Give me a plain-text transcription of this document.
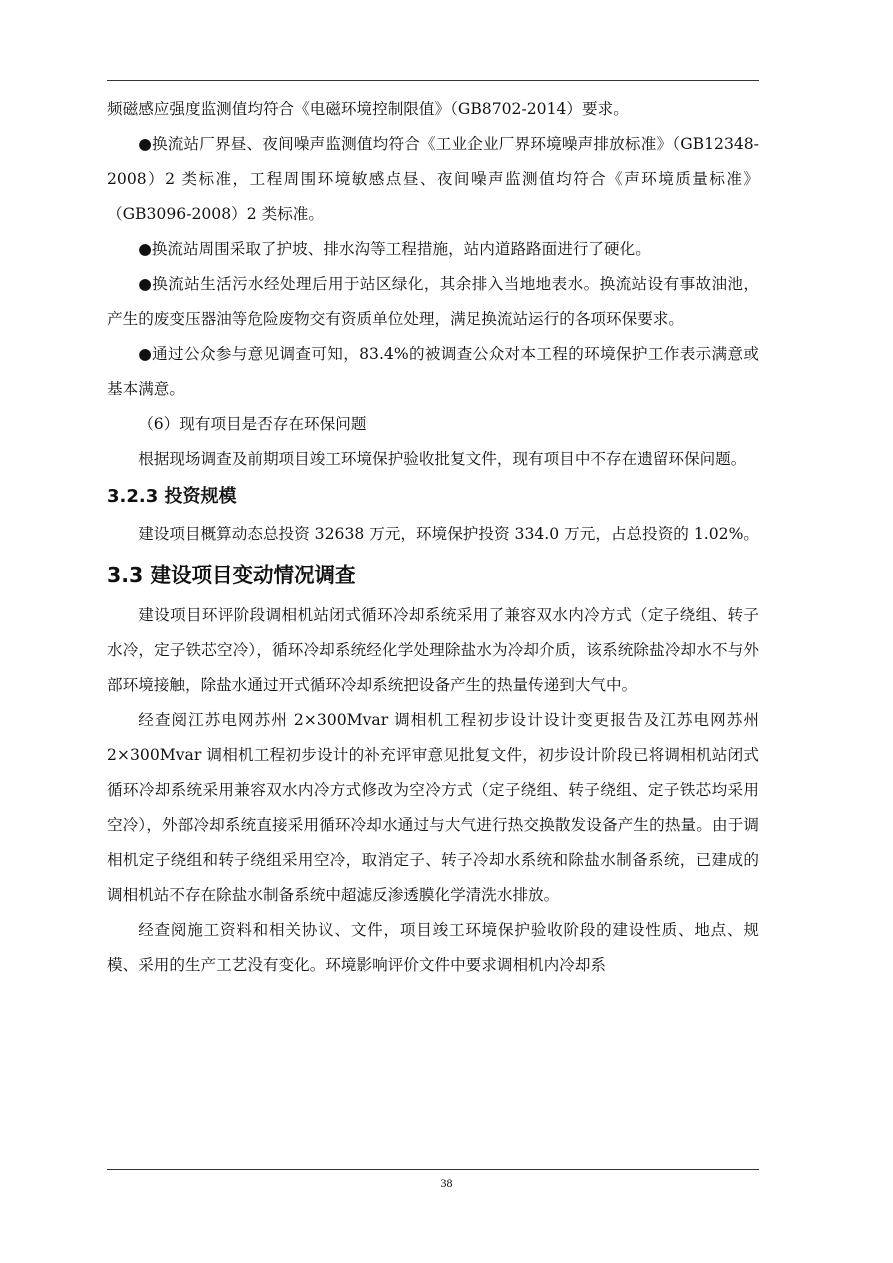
频磁感应强度监测值均符合《电磁环境控制限值》（GB8702-2014）要求。

●换流站厂界昼、夜间噪声监测值均符合《工业企业厂界环境噪声排放标准》（GB12348-2008）2 类标准，工程周围环境敏感点昼、夜间噪声监测值均符合《声环境质量标准》（GB3096-2008）2 类标准。

●换流站周围采取了护坡、排水沟等工程措施，站内道路路面进行了硬化。

●换流站生活污水经处理后用于站区绿化，其余排入当地地表水。换流站设有事故油池，产生的废变压器油等危险废物交有资质单位处理，满足换流站运行的各项环保要求。

●通过公众参与意见调查可知，83.4%的被调查公众对本工程的环境保护工作表示满意或基本满意。

（6）现有项目是否存在环保问题

根据现场调查及前期项目竣工环境保护验收批复文件，现有项目中不存在遗留环保问题。

3.2.3 投资规模

建设项目概算动态总投资 32638 万元，环境保护投资 334.0 万元，占总投资的 1.02%。

3.3 建设项目变动情况调查

建设项目环评阶段调相机站闭式循环冷却系统采用了兼容双水内冷方式（定子绕组、转子水冷，定子铁芯空冷），循环冷却系统经化学处理除盐水为冷却介质，该系统除盐冷却水不与外部环境接触，除盐水通过开式循环冷却系统把设备产生的热量传递到大气中。

经查阅江苏电网苏州 2×300Mvar 调相机工程初步设计设计变更报告及江苏电网苏州 2×300Mvar 调相机工程初步设计的补充评审意见批复文件，初步设计阶段已将调相机站闭式循环冷却系统采用兼容双水内冷方式修改为空冷方式（定子绕组、转子绕组、定子铁芯均采用空冷），外部冷却系统直接采用循环冷却水通过与大气进行热交换散发设备产生的热量。由于调相机定子绕组和转子绕组采用空冷，取消定子、转子冷却水系统和除盐水制备系统，已建成的调相机站不存在除盐水制备系统中超滤反渗透膜化学清洗水排放。

经查阅施工资料和相关协议、文件，项目竣工环境保护验收阶段的建设性质、地点、规模、采用的生产工艺没有变化。环境影响评价文件中要求调相机内冷却系

38
